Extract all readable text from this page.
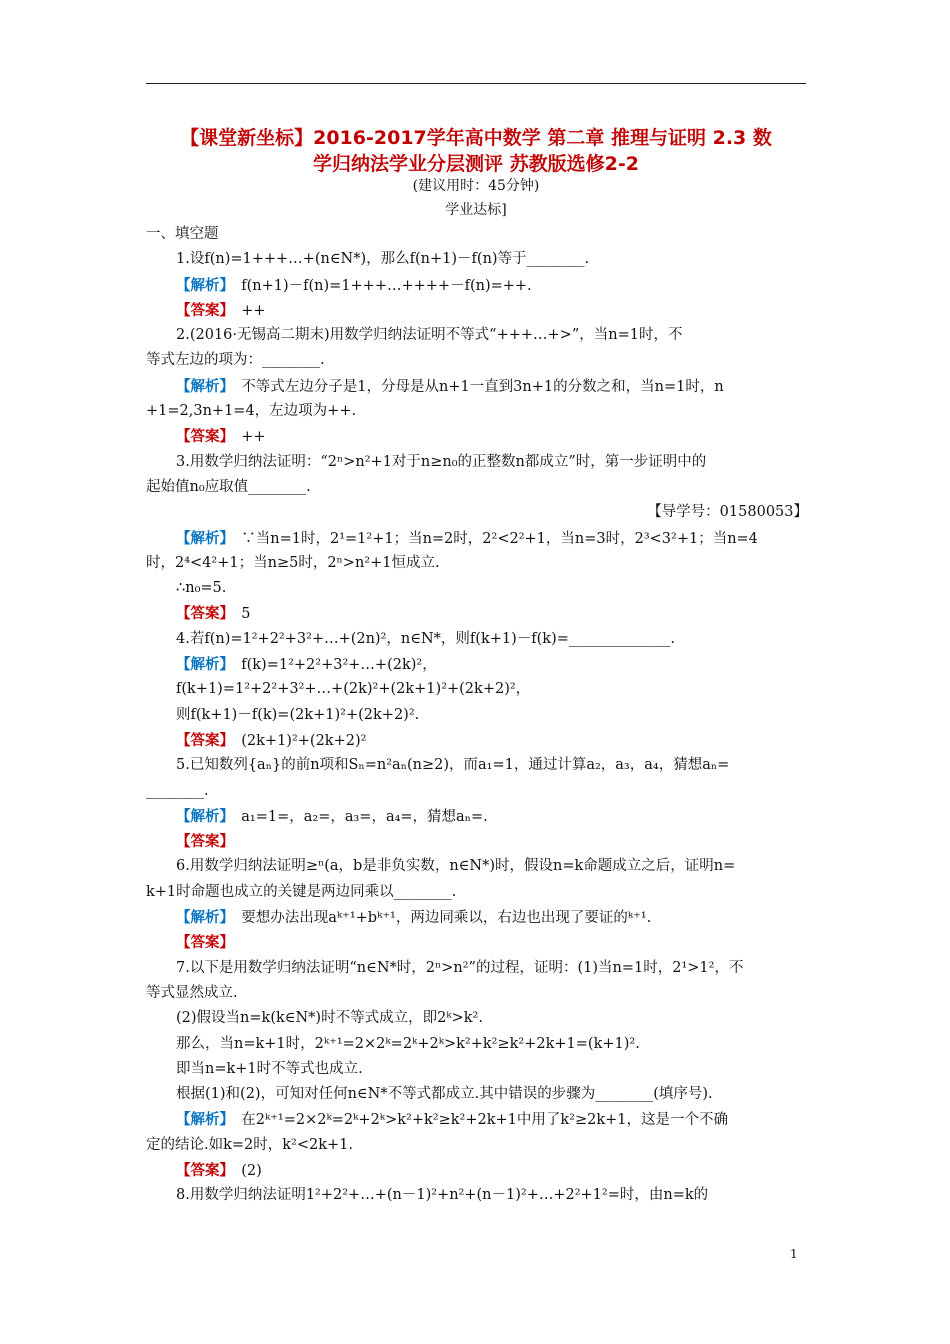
【课堂新坐标】2016-2017学年高中数学 第二章 推理与证明 2.3 数
学归纳法学业分层测评 苏教版选修2-2
(建议用时：45分钟)
学业达标]
一、填空题
1.设f(n)=1+++…+(n∈N*)，那么f(n+1)－f(n)等于________.
【解析】　 f(n+1)－f(n)=1+++…++++－f(n)=++.
【答案】　 ++
2.(2016·无锡高二期末)用数学归纳法证明不等式“+++…+>”，当n=1时，不
等式左边的项为：________.
【解析】　 不等式左边分子是1，分母是从n+1一直到3n+1的分数之和，当n=1时，n
+1=2,3n+1=4，左边项为++.
【答案】　 ++
3.用数学归纳法证明：“2ⁿ>n²+1对于n≥n₀的正整数n都成立”时，第一步证明中的
起始值n₀应取值________.
【导学号：01580053】
【解析】　 ∵当n=1时，2¹=1²+1；当n=2时，2²<2²+1，当n=3时，2³<3²+1；当n=4
时，2⁴<4²+1；当n≥5时，2ⁿ>n²+1恒成立.
∴n₀=5.
【答案】　 5
4.若f(n)=1²+2²+3²+…+(2n)²，n∈N*，则f(k+1)－f(k)=______________.
【解析】　 f(k)=1²+2²+3²+…+(2k)²，
f(k+1)=1²+2²+3²+…+(2k)²+(2k+1)²+(2k+2)²，
则f(k+1)－f(k)=(2k+1)²+(2k+2)².
【答案】　 (2k+1)²+(2k+2)²
5.已知数列{aₙ}的前n项和Sₙ=n²aₙ(n≥2)，而a₁=1，通过计算a₂，a₃，a₄，猜想aₙ=
________.
【解析】　 a₁=1=，a₂=，a₃=，a₄=，猜想aₙ=.
【答案】
6.用数学归纳法证明≥ⁿ(a，b是非负实数，n∈N*)时，假设n=k命题成立之后，证明n=
k+1时命题也成立的关键是两边同乘以________.
【解析】　 要想办法出现aᵏ⁺¹+bᵏ⁺¹，两边同乘以，右边也出现了要证的ᵏ⁺¹.
【答案】
7.以下是用数学归纳法证明“n∈N*时，2ⁿ>n²”的过程，证明：(1)当n=1时，2¹>1²，不
等式显然成立.
(2)假设当n=k(k∈N*)时不等式成立，即2ᵏ>k².
那么，当n=k+1时，2ᵏ⁺¹=2×2ᵏ=2ᵏ+2ᵏ>k²+k²≥k²+2k+1=(k+1)².
即当n=k+1时不等式也成立.
根据(1)和(2)，可知对任何n∈N*不等式都成立.其中错误的步骤为________(填序号).
【解析】　 在2ᵏ⁺¹=2×2ᵏ=2ᵏ+2ᵏ>k²+k²≥k²+2k+1中用了k²≥2k+1，这是一个不确
定的结论.如k=2时，k²<2k+1.
【答案】　 (2)
8.用数学归纳法证明1²+2²+…+(n－1)²+n²+(n－1)²+…+2²+1²=时，由n=k的
1
